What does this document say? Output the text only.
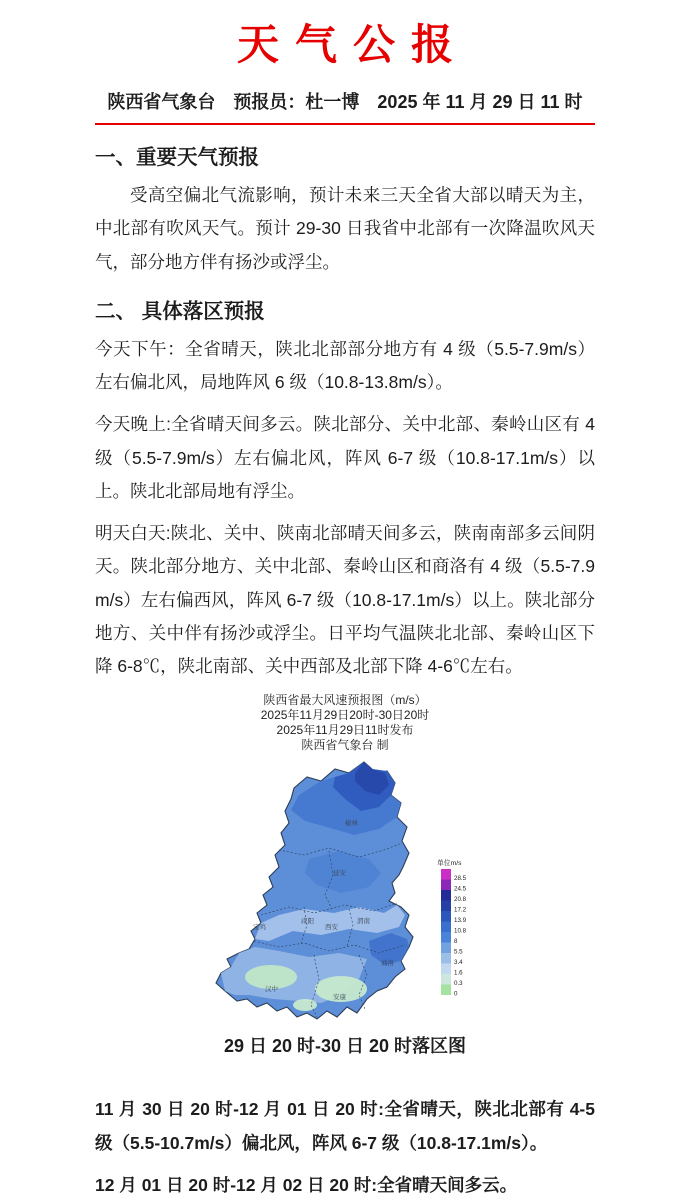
天气公报
陕西省气象台　预报员：杜一博　2025 年 11 月 29 日 11 时
一、重要天气预报

受高空偏北气流影响，预计未来三天全省大部以晴天为主，中北部有吹风天气。预计 29-30 日我省中北部有一次降温吹风天气，部分地方伴有扬沙或浮尘。

二、 具体落区预报

今天下午：全省晴天，陕北北部部分地方有 4 级（5.5-7.9m/s）左右偏北风，局地阵风 6 级（10.8-13.8m/s）。

今天晚上:全省晴天间多云。陕北部分、关中北部、秦岭山区有 4 级（5.5-7.9m/s）左右偏北风，阵风 6-7 级（10.8-17.1m/s）以上。陕北北部局地有浮尘。

明天白天:陕北、关中、陕南北部晴天间多云，陕南南部多云间阴天。陕北部分地方、关中北部、秦岭山区和商洛有 4 级（5.5-7.9m/s）左右偏西风，阵风 6-7 级（10.8-17.1m/s）以上。陕北部分地方、关中伴有扬沙或浮尘。日平均气温陕北北部、秦岭山区下降 6-8℃，陕北南部、关中西部及北部下降 4-6℃左右。

陕西省最大风速预报图（m/s）
2025年11月29日20时-30日20时
2025年11月29日11时发布
陕西省气象台 制
榆林
延安
宝鸡
咸阳
西安
渭南
商洛
汉中
安康
单位m/s
28.5
24.5
20.8
17.2
13.9
10.8
8
5.5
3.4
1.6
0.3
0
29 日 20 时-30 日 20 时落区图

11 月 30 日 20 时-12 月 01 日 20 时:全省晴天，陕北北部有 4-5 级（5.5-10.7m/s）偏北风，阵风 6-7 级（10.8-17.1m/s）。

12 月 01 日 20 时-12 月 02 日 20 时:全省晴天间多云。
